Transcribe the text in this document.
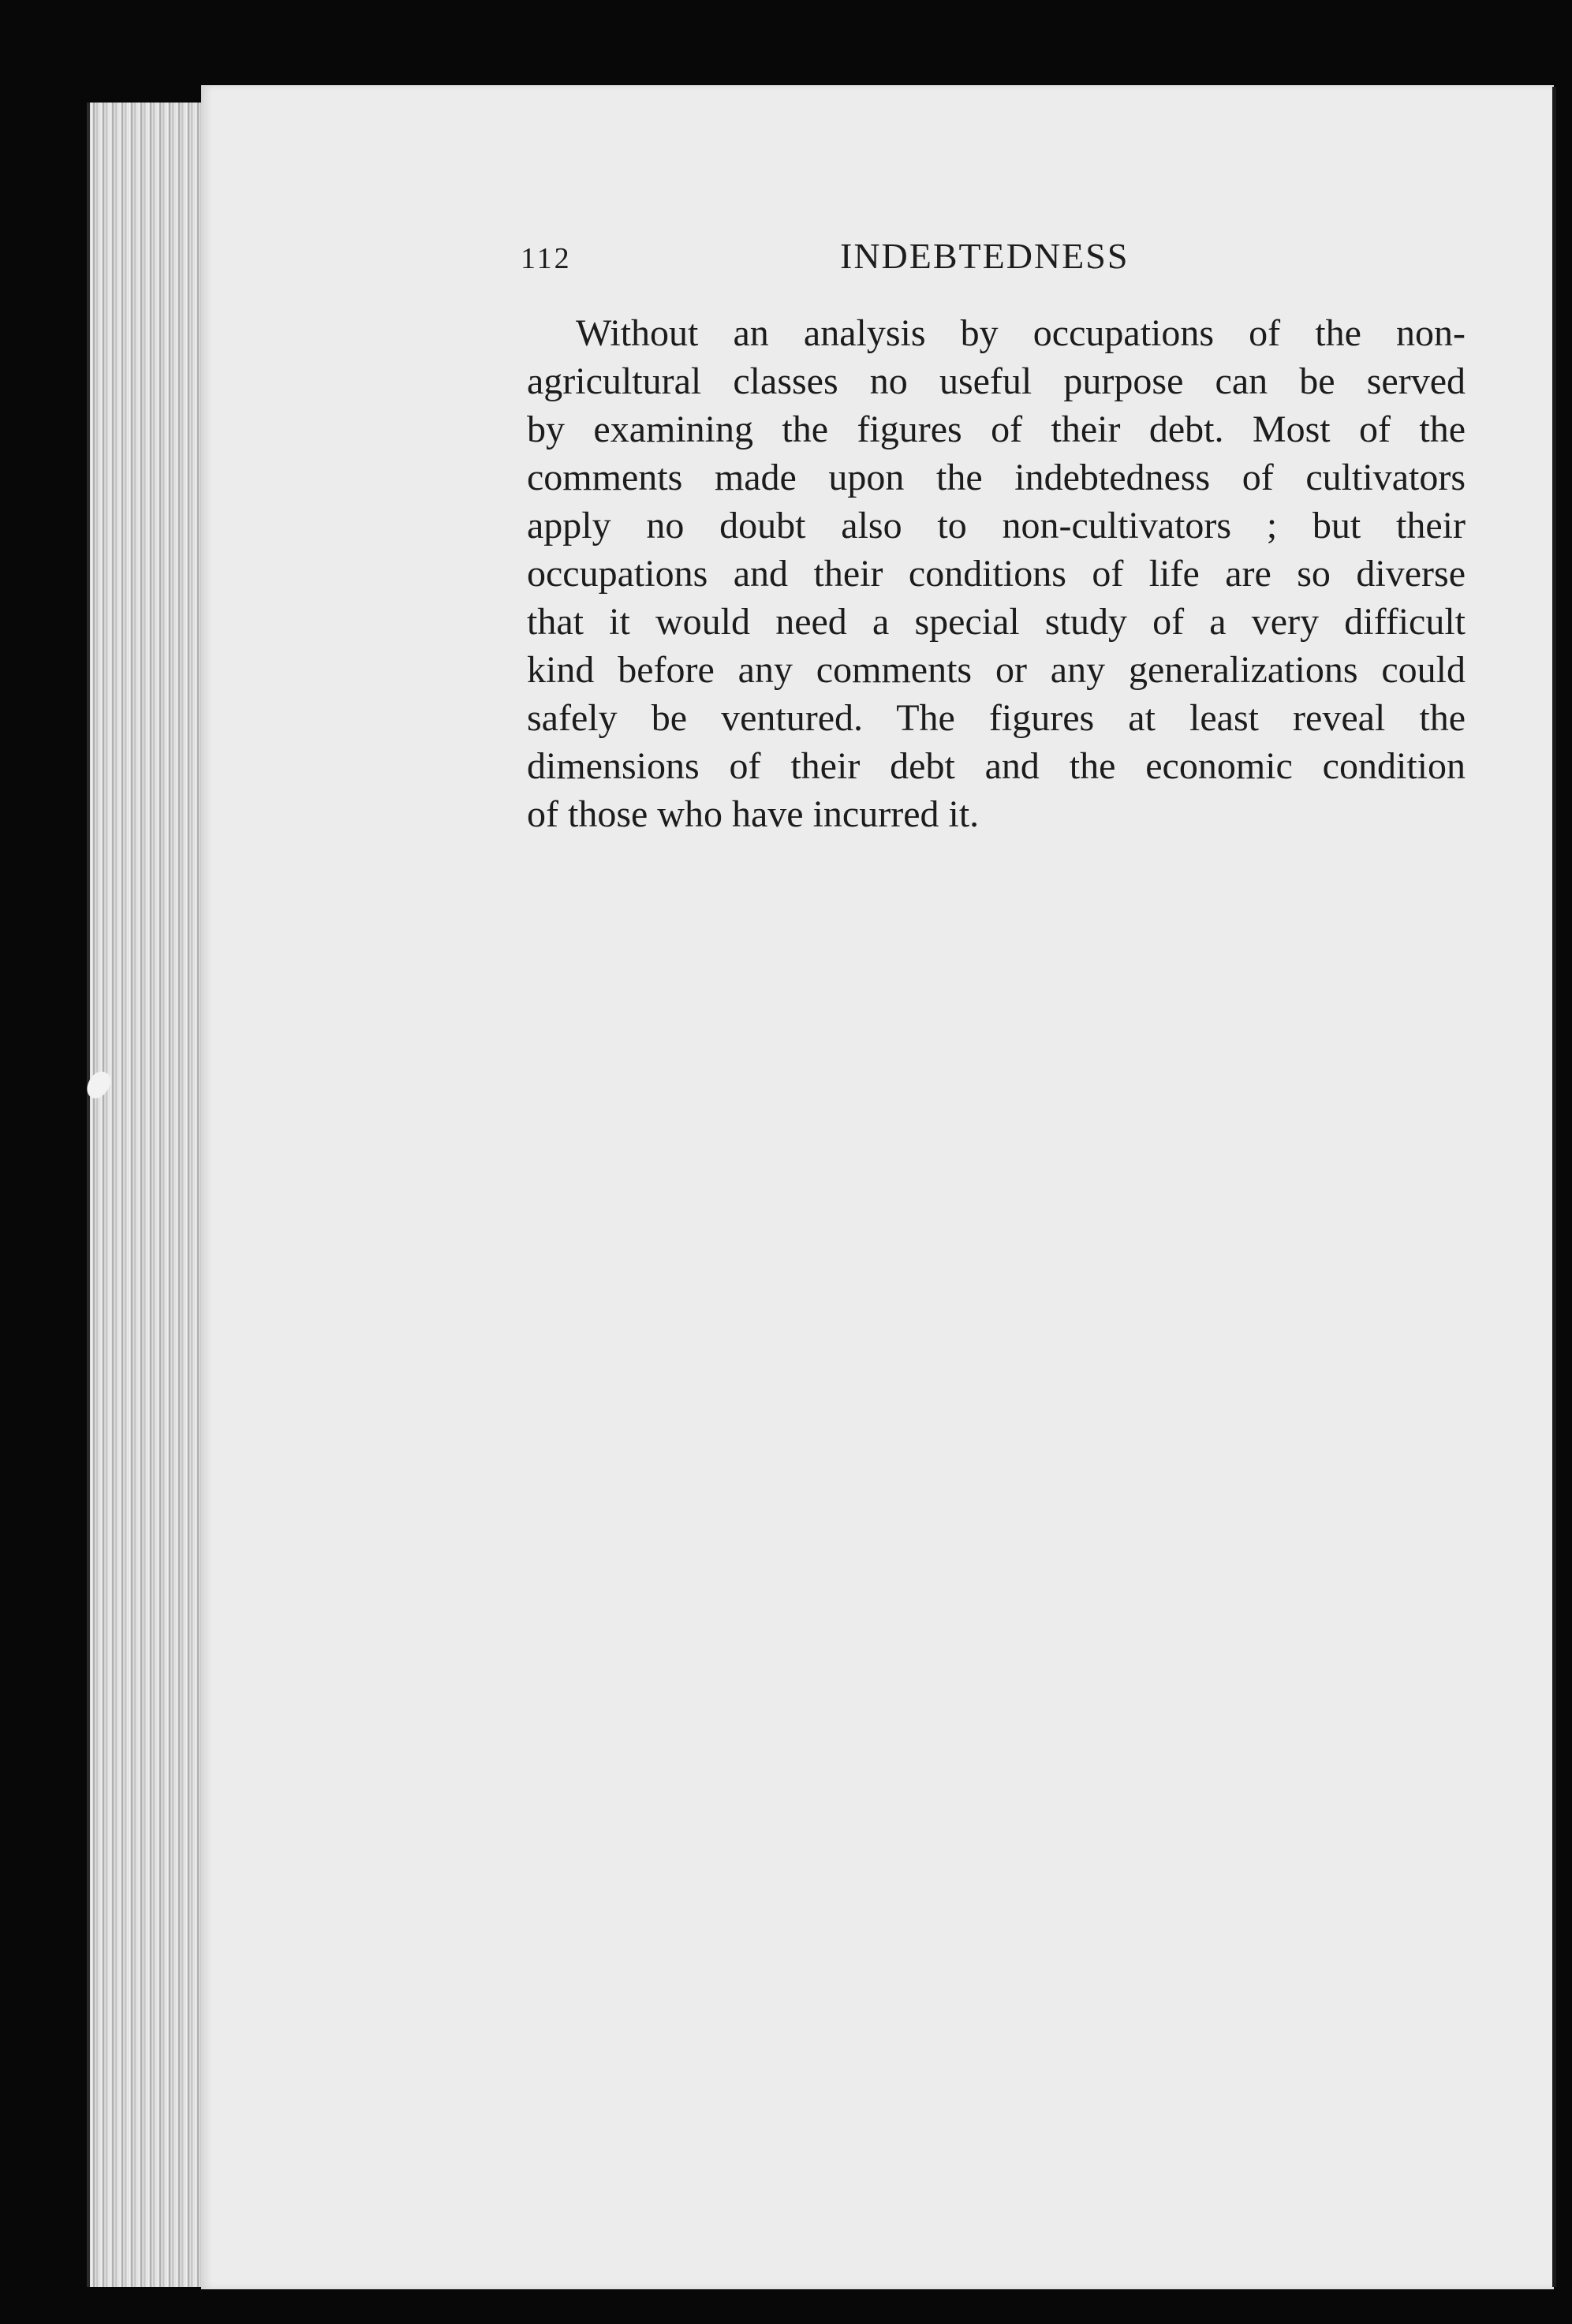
112	INDEBTEDNESS
Without an analysis by occupations of the non-
agricultural classes no useful purpose can be served
by examining the figures of their debt. Most of the
comments made upon the indebtedness of cultivators
apply no doubt also to non-cultivators ; but their
occupations and their conditions of life are so diverse
that it would need a special study of a very difficult
kind before any comments or any generalizations could
safely be ventured. The figures at least reveal the
dimensions of their debt and the economic condition
of those who have incurred it.
